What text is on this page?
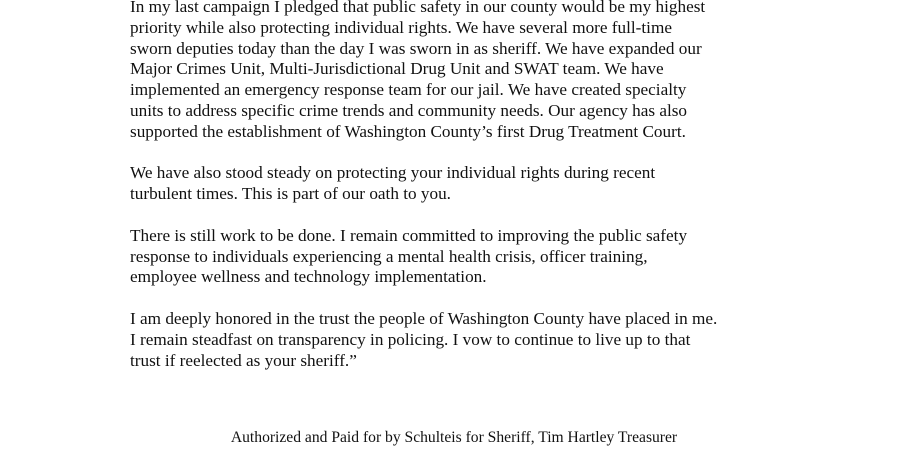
In my last campaign I pledged that public safety in our county would be my highest
priority while also protecting individual rights. We have several more full-time
sworn deputies today than the day I was sworn in as sheriff. We have expanded our
Major Crimes Unit, Multi-Jurisdictional Drug Unit and SWAT team. We have
implemented an emergency response team for our jail. We have created specialty
units to address specific crime trends and community needs. Our agency has also
supported the establishment of Washington County’s first Drug Treatment Court.
We have also stood steady on protecting your individual rights during recent
turbulent times. This is part of our oath to you.
There is still work to be done. I remain committed to improving the public safety
response to individuals experiencing a mental health crisis, officer training,
employee wellness and technology implementation.
I am deeply honored in the trust the people of Washington County have placed in me.
I remain steadfast on transparency in policing. I vow to continue to live up to that
trust if reelected as your sheriff.”
Authorized and Paid for by Schulteis for Sheriff, Tim Hartley Treasurer
